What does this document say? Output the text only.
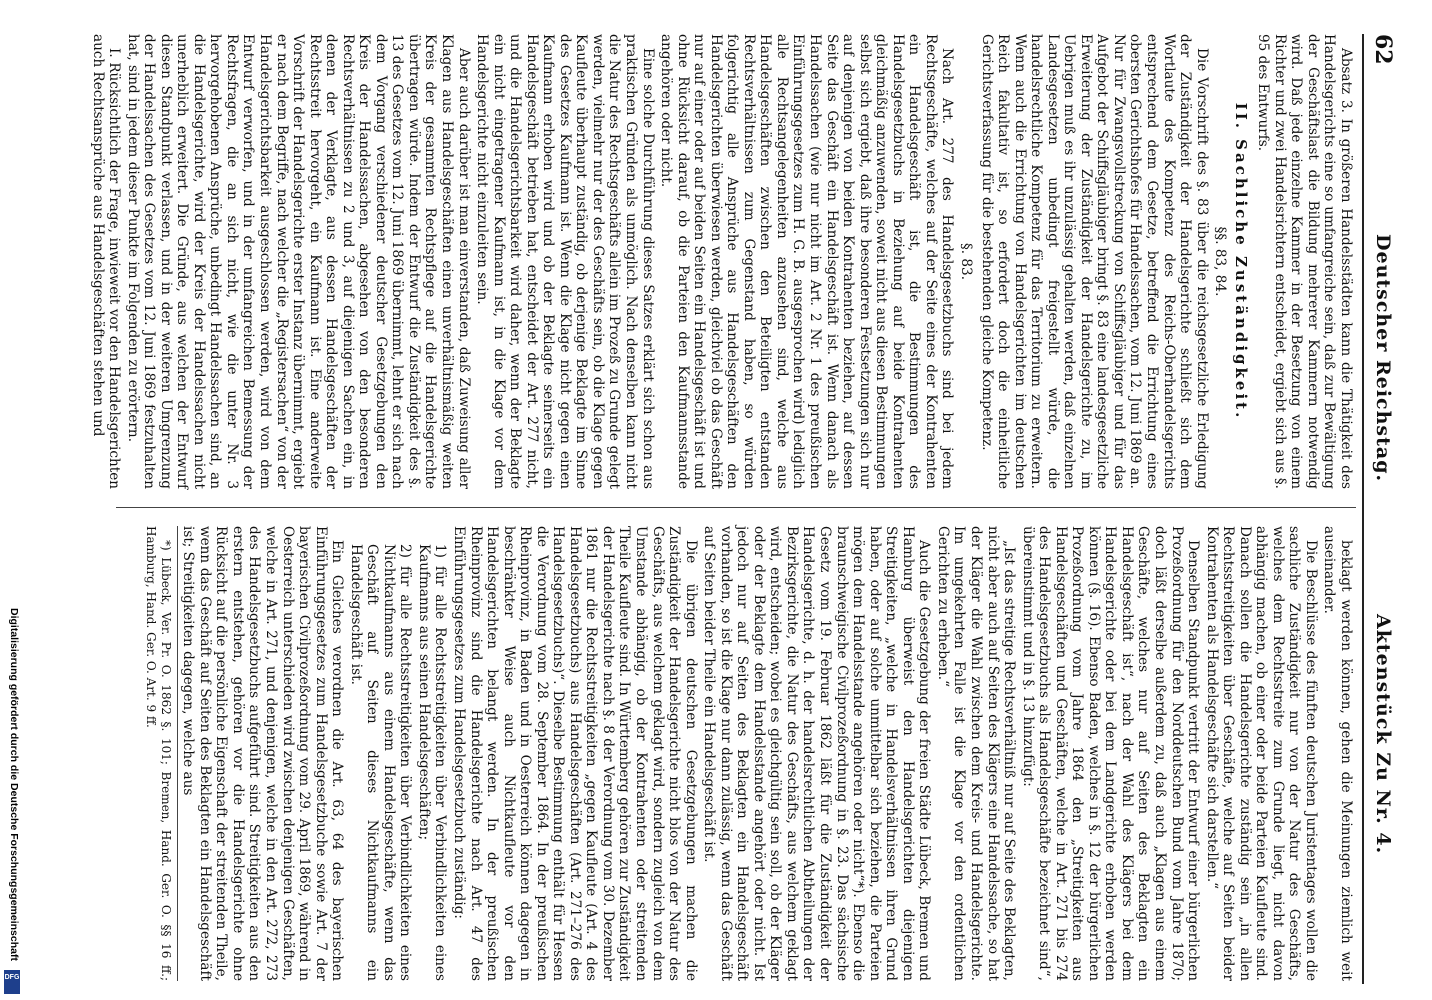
62
Deutscher Reichstag.
Aktenstück Zu Nr. 4.

Absatz 3. In größeren Handelsstädten kann die Thätigkeit des Handelsgerichts eine so umfangreiche sein, daß zur Bewältigung der Geschäftslast die Bildung mehrerer Kammern notwendig wird. Daß jede einzelne Kammer in der Besetzung von einem Richter und zwei Handelsrichtern entscheidet, ergiebt sich aus §. 95 des Entwurfs.

II. Sachliche Zuständigkeit.

§§. 83, 84.

Die Vorschrift des §. 83 über die reichsgesetzliche Erledigung der Zuständigkeit der Handelsgerichte schließt sich dem Wortlaute des Kompetenz des Reichs-Oberhandelsgerichts entsprechend dem Gesetze, betreffend die Errichtung eines obersten Gerichtshofes für Handelssachen, vom 12. Juni 1869 an. Nur für Zwangsvollstreckung von Schiffsgläubiger und für das Aufgebot der Schiffsgläubiger bringt §. 83 eine landesgesetzliche Erweiterung der Zuständigkeit der Handelsgerichte zu, im Uebrigen muß es ihr unzulässig gehalten werden, daß einzelnen Landesgesetzen unbedingt freigestellt würde, die handelsrechtliche Kompetenz für das Territorium zu erweitern. Wenn auch die Errichtung von Handelsgerichten im deutschen Reich fakultativ ist, so erfordert doch die einheitliche Gerichtsverfassung für die bestehenden gleiche Kompetenz.

§. 83.

Nach Art. 277 des Handelsgesetzbuchs sind bei jedem Rechtsgeschäfte, welches auf der Seite eines der Kontrahenten ein Handelsgeschäft ist, die Bestimmungen des Handelsgesetzbuchs in Beziehung auf beide Kontrahenten gleichmäßig anzuwenden, soweit nicht aus diesen Bestimmungen selbst sich ergiebt, daß ihre besonderen Festsetzungen sich nur auf denjenigen von beiden Kontrahenten beziehen, auf dessen Seite das Geschäft ein Handelsgeschäft ist. Wenn danach als Handelssachen (wie nur nicht im Art. 2 Nr. 1 des preußischen Einführungsgesetzes zum H. G. B. ausgesprochen wird) lediglich alle Rechtsangelegenheiten anzusehen sind, welche aus Handelsgeschäften zwischen den Beteiligten entstanden Rechtsverhältnissen zum Gegenstand haben, so würden folgerichtig alle Ansprüche aus Handelsgeschäften den Handelsgerichten überwiesen werden, gleichviel ob das Geschäft nur auf einer oder auf beiden Seiten ein Handelsgeschäft ist und ohne Rücksicht darauf, ob die Parteien den Kaufmannsstande angehören oder nicht.

Eine solche Durchführung dieses Satzes erklärt sich schon aus praktischen Gründen als unmöglich. Nach denselben kann nicht die Natur des Rechtsgeschäfts allein im Prozeß zu Grunde gelegt werden, vielmehr nur der des Geschäfts sein, ob die Klage gegen Kaufleute überhaupt zuständig, ob derjenige Beklagte im Sinne des Gesetzes Kaufmann ist. Wenn die Klage nicht gegen einen Kaufmann erhoben wird und ob der Beklagte seinerseits ein Handelsgeschäft betrieben hat, entscheidet der Art. 277 nicht, und die Handelsgerichtsbarkeit wird daher, wenn der Beklagte ein nicht eingetragener Kaufmann ist, in die Klage vor dem Handelsgerichte nicht einzuleiten sein.

Aber auch darüber ist man einverstanden, daß Zuweisung aller Klagen aus Handelsgeschäften einen unverhältnismäßig weiten Kreis der gesammten Rechtspflege auf die Handelsgerichte übertragen würde. Indem der Entwurf die Zuständigkeit des §. 13 des Gesetzes vom 12. Juni 1869 übernimmt, lehnt er sich nach dem Vorgang verschiedener deutscher Gesetzgebungen den Kreis der Handelssachen, abgesehen von den besonderen Rechtsverhältnissen zu 2 und 3, auf diejenigen Sachen ein, in denen der Verklagte, aus dessen Handelsgeschäften der Rechtsstreit hervorgeht, ein Kaufmann ist. Eine anderweite Vorschrift der Handelsgerichte erster Instanz übernimmt, ergiebt er nach dem Begriffe, nach welcher die „Registersachen“ von der Handelsgerichtsbarkeit ausgeschlossen werden, wird von dem Entwurf verworfen, und in der umfangreichen Bemessung der Rechtsfragen, die an sich nicht, wie die unter Nr. 3 hervorgehobenen Ansprüche, unbedingt Handelssachen sind, an die Handelsgerichte, wird der Kreis der Handelssachen nicht unerheblich erweitert. Die Gründe, aus welchen der Entwurf diesen Standpunkt verlassen, und in der weiteren Umgrenzung der Handelssachen des Gesetzes vom 12. Juni 1869 festzuhalten hat, sind in jedem dieser Punkte im Folgenden zu erörtern.

I. Rücksichtlich der Frage, inwieweit vor den Handelsgerichten auch Rechtsansprüche aus Handelsgeschäften stehen und

beklagt werden können, gehen die Meinungen ziemlich weit auseinander.

Die Beschlüsse des fünften deutschen Juristentages wollen die sachliche Zuständigkeit nur von der Natur des Geschäfts, welches dem Rechtsstreite zum Grunde liegt, nicht davon abhängig machen, ob einer oder beide Parteien Kaufleute sind. Danach sollen die Handelsgerichte zuständig sein „in allen Rechtsstreitigkeiten über Geschäfte, welche auf Seiten beider Kontrahenten als Handelsgeschäfte sich darstellen.“

Denselben Standpunkt vertritt der Entwurf einer bürgerlichen Prozeßordnung für den Norddeutschen Bund vom Jahre 1870; doch läßt derselbe außerdem zu, daß auch „Klagen aus einem Geschäfte, welches nur auf Seiten des Beklagten ein Handelsgeschäft ist“, nach der Wahl des Klägers bei dem Handelsgerichte oder bei dem Landgerichte erhoben werden können (§. 16). Ebenso Baden, welches in §. 12 der bürgerlichen Prozeßordnung vom Jahre 1864 den „Streitigkeiten aus Handelsgeschäften und Geschäften, welche in Art. 271 bis 274 des Handelsgesetzbuchs als Handelsgeschäfte bezeichnet sind“, übereinstimmt und in §. 13 hinzufügt:

„Ist das streitige Rechtsverhältniß nur auf Seite des Beklagten, nicht aber auch auf Seiten des Klägers eine Handelssache, so hat der Kläger die Wahl zwischen dem Kreis- und Handelsgerichte. Im umgekehrten Falle ist die Klage vor den ordentlichen Gerichten zu erheben.“

Auch die Gesetzgebung der freien Städte Lübeck, Bremen und Hamburg überweist den Handelsgerichten diejenigen Streitigkeiten, „welche in Handelsverhältnissen ihren Grund haben, oder auf solche unmittelbar sich beziehen, die Parteien mögen dem Handelsstande angehören oder nicht“*). Ebenso die braunschweigische Civilprozeßordnung in §. 23. Das sächsische Gesetz vom 19. Februar 1862 läßt für die Zuständigkeit der Handelsgerichte, d. h. der handelsrechtlichen Abtheilungen der Bezirksgerichte, die Natur des Geschäfts, aus welchem geklagt wird, entscheiden; wobei es gleichgültig sein soll, ob der Kläger oder der Beklagte dem Handelsstande angehört oder nicht. Ist jedoch nur auf Seiten des Beklagten ein Handelsgeschäft vorhanden, so ist die Klage nur dann zulässig, wenn das Geschäft auf Seiten beider Theile ein Handelsgeschäft ist.

Die übrigen deutschen Gesetzgebungen machen die Zuständigkeit der Handelsgerichte nicht blos von der Natur des Geschäfts, aus welchem geklagt wird, sondern zugleich von dem Umstande abhängig, ob der Kontrahenten oder streitenden Theile Kaufleute sind. In Württemberg gehören zur Zuständigkeit der Handelsgerichte nach §. 8 der Verordnung vom 30. Dezember 1861 nur die Rechtsstreitigkeiten „gegen Kaufleute (Art. 4 des Handelsgesetzbuchs) aus Handelsgeschäften (Art. 271–276 des Handelsgesetzbuchs)“. Dieselbe Bestimmung enthält für Hessen die Verordnung vom 28. September 1864. In der preußischen Rheinprovinz, in Baden und in Oesterreich können dagegen in beschränkter Weise auch Nichtkaufleute vor den Handelsgerichten belangt werden. In der preußischen Rheinprovinz sind die Handelsgerichte nach Art. 47 des Einführungsgesetzes zum Handelsgesetzbuch zuständig:

1) für alle Rechtsstreitigkeiten über Verbindlichkeiten eines Kaufmanns aus seinen Handelsgeschäften;

2) für alle Rechtsstreitigkeiten über Verbindlichkeiten eines Nichtkaufmanns aus einem Handelsgeschäfte, wenn das Geschäft auf Seiten dieses Nichtkaufmanns ein Handelsgeschäft ist.

Ein Gleiches verordnen die Art. 63, 64 des bayerischen Einführungsgesetzes zum Handelsgesetzbuche sowie Art. 7 der bayerischen Civilprozeßordnung vom 29. April 1869, während in Oesterreich unterschieden wird zwischen denjenigen Geschäften, welche in Art. 271, und denjenigen, welche in den Art. 272, 273 des Handelsgesetzbuchs aufgeführt sind. Streitigkeiten aus den erstern entstehen, gehören vor die Handelsgerichte ohne Rücksicht auf die persönliche Eigenschaft der streitenden Theile, wenn das Geschäft auf Seiten des Beklagten ein Handelsgeschäft ist; Streitigkeiten dagegen, welche aus

*) Lübeck, Ver. Pr. O. 1862 §. 101; Bremen, Hand. Ger. O. §§ 16 ff.; Hamburg, Hand. Ger. O. Art. 9 ff.

Digitalisierung gefördert durch die Deutsche Forschungsgemeinschaft
DFG
